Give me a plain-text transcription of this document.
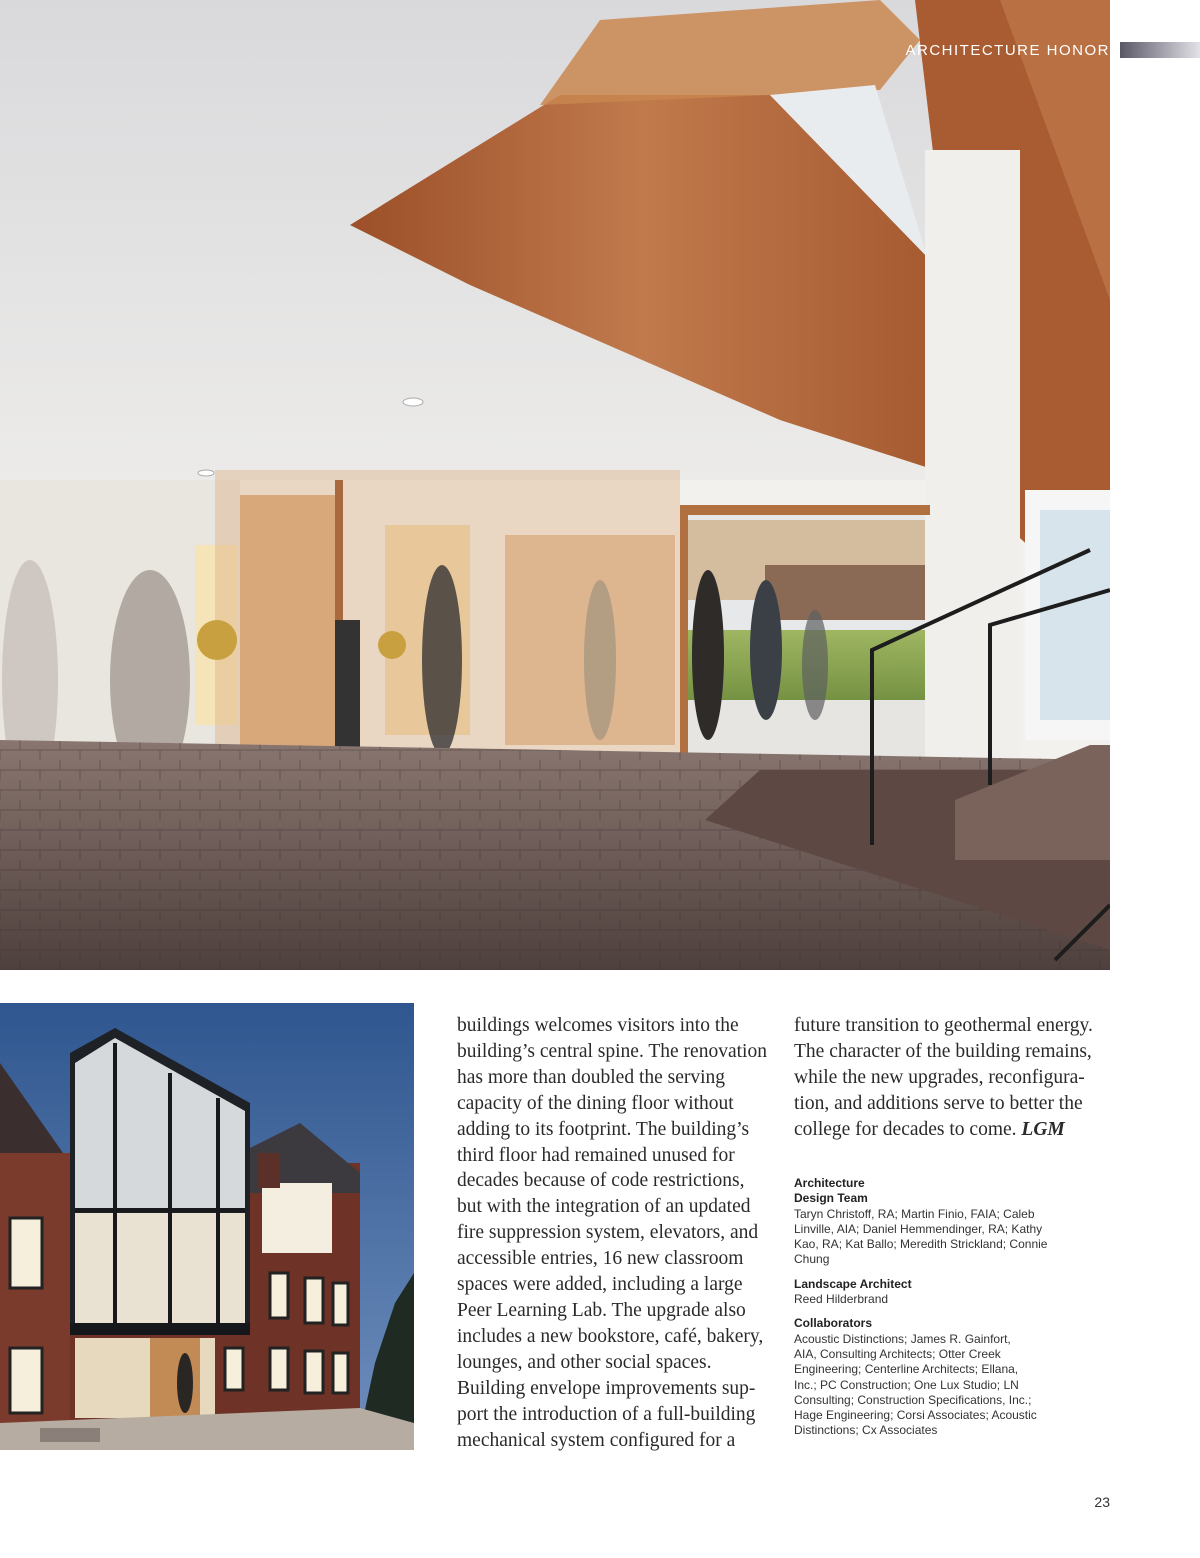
ARCHITECTURE HONOR
buildings welcomes visitors into the
building’s central spine. The renovation
has more than doubled the serving
capacity of the dining floor without
adding to its footprint. The building’s
third floor had remained unused for
decades because of code restrictions,
but with the integration of an updated
fire suppression system, elevators, and
accessible entries, 16 new classroom
spaces were added, including a large
Peer Learning Lab. The upgrade also
includes a new bookstore, café, bakery,
lounges, and other social spaces.
Building envelope improvements sup-
port the introduction of a full-building
mechanical system configured for a
future transition to geothermal energy.
The character of the building remains,
while the new upgrades, reconfigura-
tion, and additions serve to better the
college for decades to come. LGM
Architecture
Design Team
Taryn Christoff, RA; Martin Finio, FAIA; Caleb
Linville, AIA; Daniel Hemmendinger, RA; Kathy
Kao, RA; Kat Ballo; Meredith Strickland; Connie
Chung
Landscape Architect
Reed Hilderbrand
Collaborators
Acoustic Distinctions; James R. Gainfort,
AIA, Consulting Architects; Otter Creek
Engineering; Centerline Architects; Ellana,
Inc.; PC Construction; One Lux Studio; LN
Consulting; Construction Specifications, Inc.;
Hage Engineering; Corsi Associates; Acoustic
Distinctions; Cx Associates
23
